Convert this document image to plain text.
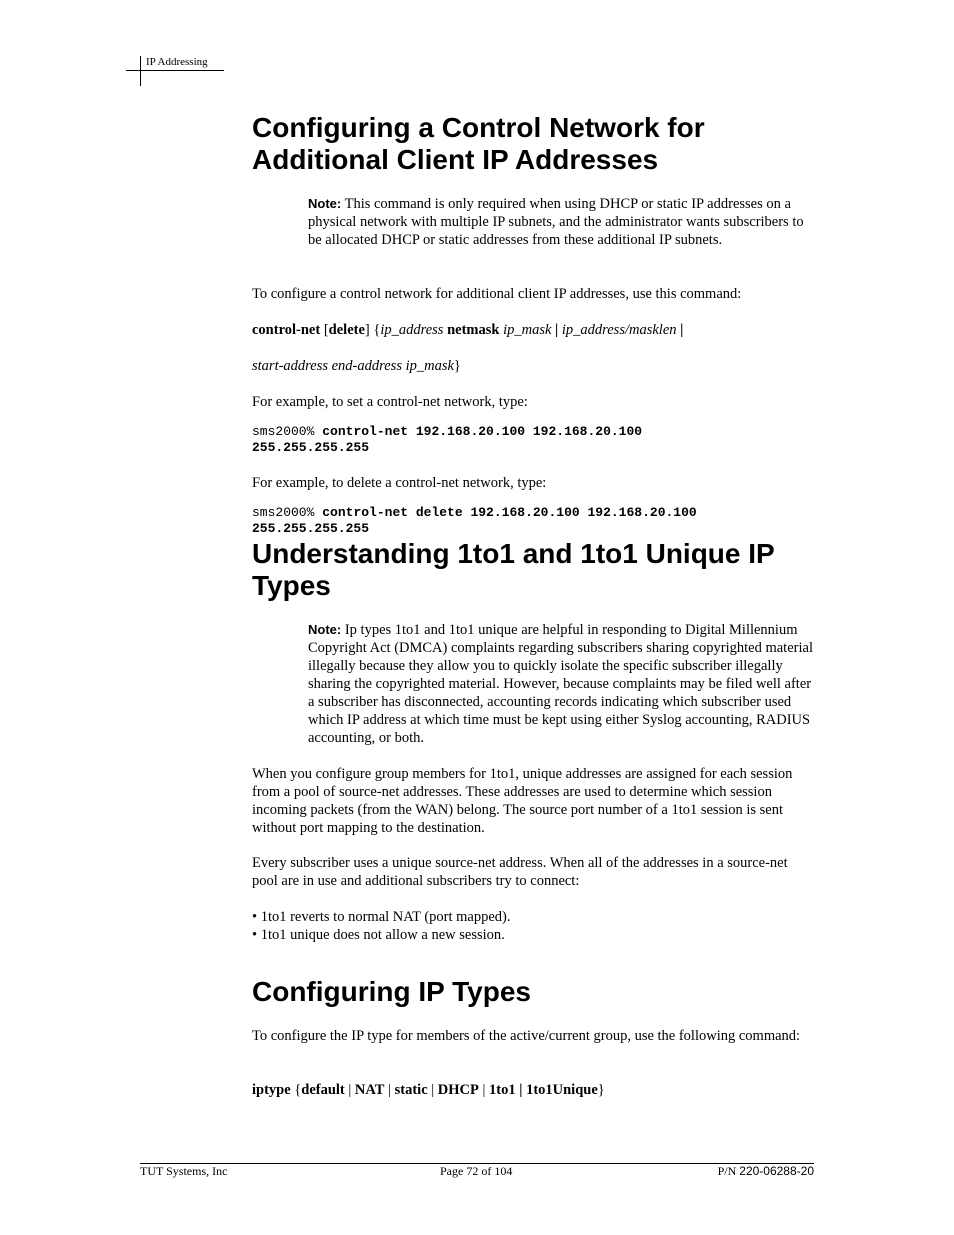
IP Addressing
Configuring a Control Network for
Additional Client IP Addresses
Note: This command is only required when using DHCP or static IP addresses on a physical network with multiple IP subnets, and the administrator wants subscribers to be allocated DHCP or static addresses from these additional IP subnets.

To configure a control network for additional client IP addresses, use this command:

control-net [delete] {ip_address netmask ip_mask | ip_address/masklen |

start-address end-address ip_mask}

For example, to set a control-net network, type:

sms2000% control-net 192.168.20.100 192.168.20.100
255.255.255.255

For example, to delete a control-net network, type:

sms2000% control-net delete 192.168.20.100 192.168.20.100
255.255.255.255
Understanding 1to1 and 1to1 Unique IP
Types
Note: Ip types 1to1 and 1to1 unique are helpful in responding to Digital Millennium Copyright Act (DMCA) complaints regarding subscribers sharing copyrighted material illegally because they allow you to quickly isolate the specific subscriber illegally sharing the copyrighted material. However, because complaints may be filed well after a subscriber has disconnected, accounting records indicating which subscriber used which IP address at which time must be kept using either Syslog accounting, RADIUS accounting, or both.

When you configure group members for 1to1, unique addresses are assigned for each session from a pool of source-net addresses. These addresses are used to determine which session incoming packets (from the WAN) belong. The source port number of a 1to1 session is sent without port mapping to the destination.

Every subscriber uses a unique source-net address. When all of the addresses in a source-net pool are in use and additional subscribers try to connect:

• 1to1 reverts to normal NAT (port mapped).
• 1to1 unique does not allow a new session.
Configuring IP Types

To configure the IP type for members of the active/current group, use the following command:

iptype {default | NAT | static | DHCP | 1to1 | 1to1Unique}

TUT Systems, Inc	Page 72 of 104	P/N 220-06288-20
